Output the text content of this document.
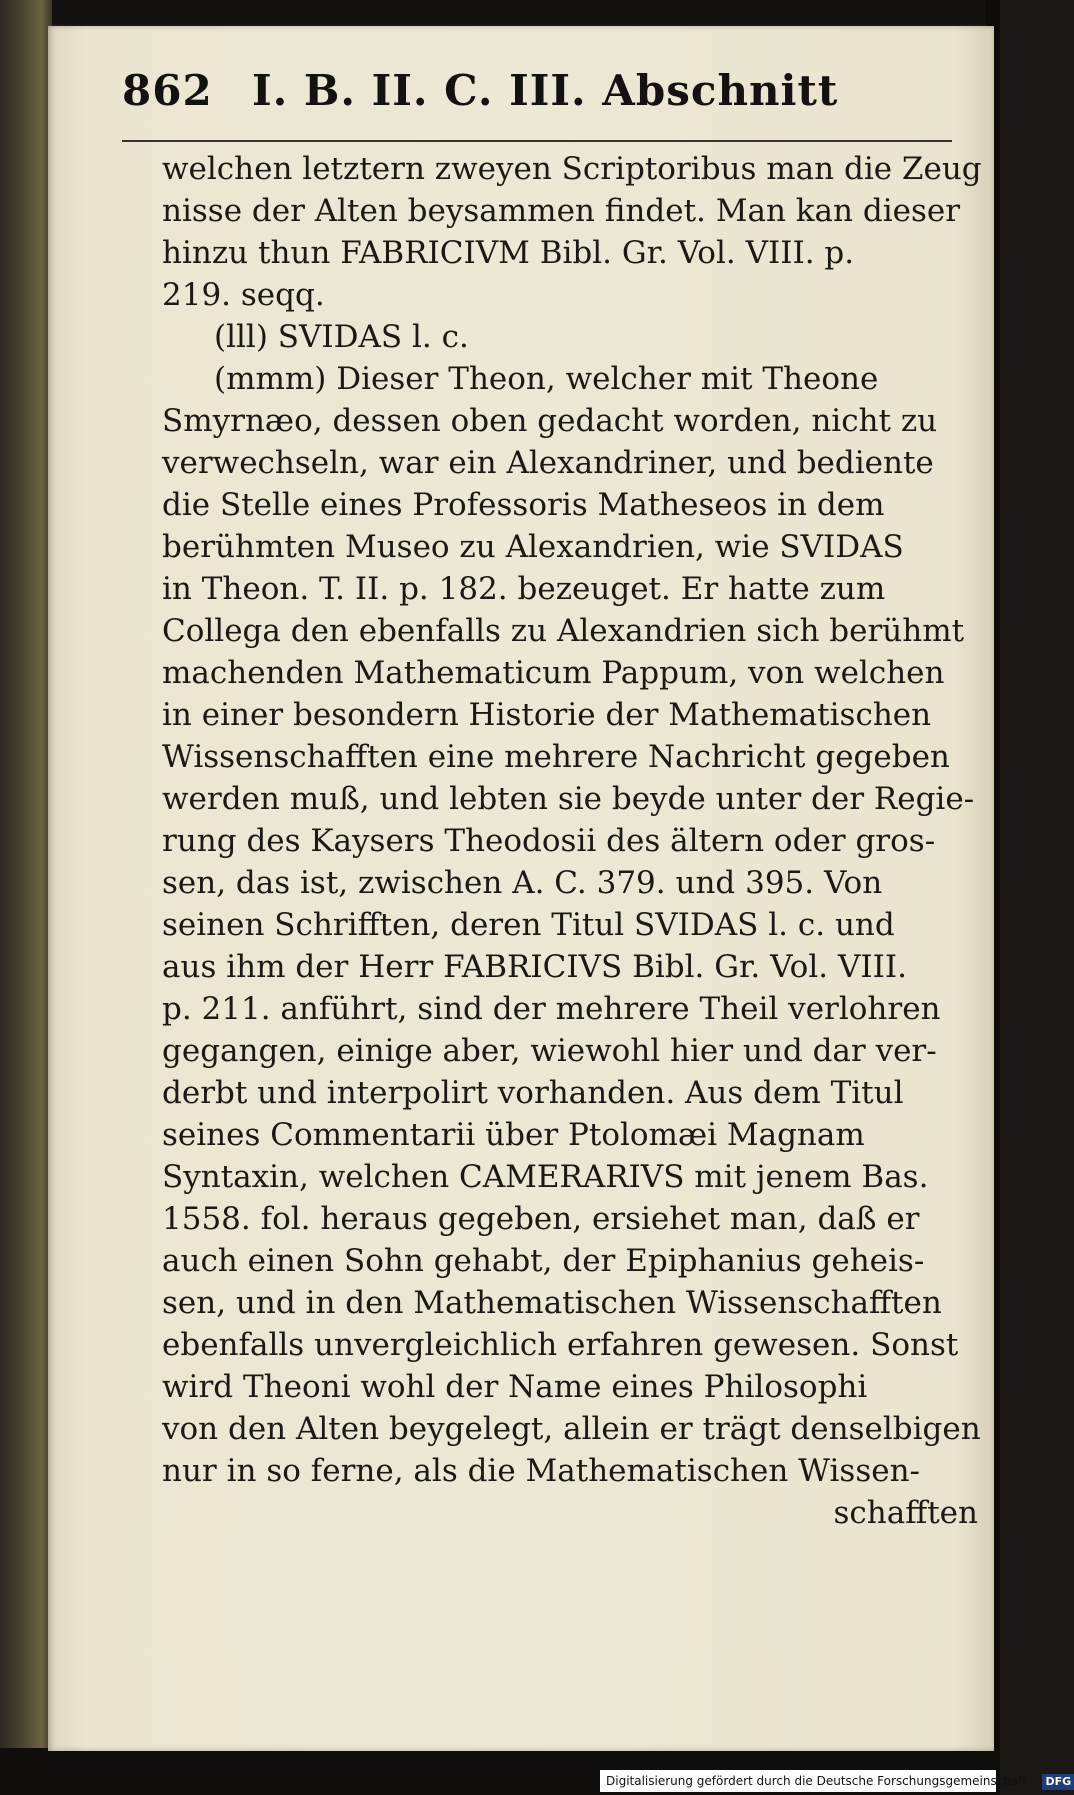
862 I. B. II. C. III. Abschnitt
welchen letztern zweyen Scriptoribus man die Zeug
nisse der Alten beysammen findet. Man kan dieser
hinzu thun FABRICIVM Bibl. Gr. Vol. VIII. p.
219. seqq.
(lll) SVIDAS l. c.
(mmm) Dieser Theon, welcher mit Theone
Smyrnæo, dessen oben gedacht worden, nicht zu
verwechseln, war ein Alexandriner, und bediente
die Stelle eines Professoris Matheseos in dem
berühmten Museo zu Alexandrien, wie SVIDAS
in Theon. T. II. p. 182. bezeuget. Er hatte zum
Collega den ebenfalls zu Alexandrien sich berühmt
machenden Mathematicum Pappum, von welchen
in einer besondern Historie der Mathematischen
Wissenschafften eine mehrere Nachricht gegeben
werden muß, und lebten sie beyde unter der Regie-
rung des Kaysers Theodosii des ältern oder gros-
sen, das ist, zwischen A. C. 379. und 395. Von
seinen Schrifften, deren Titul SVIDAS l. c. und
aus ihm der Herr FABRICIVS Bibl. Gr. Vol. VIII.
p. 211. anführt, sind der mehrere Theil verlohren
gegangen, einige aber, wiewohl hier und dar ver-
derbt und interpolirt vorhanden. Aus dem Titul
seines Commentarii über Ptolomæi Magnam
Syntaxin, welchen CAMERARIVS mit jenem Bas.
1558. fol. heraus gegeben, ersiehet man, daß er
auch einen Sohn gehabt, der Epiphanius geheis-
sen, und in den Mathematischen Wissenschafften
ebenfalls unvergleichlich erfahren gewesen. Sonst
wird Theoni wohl der Name eines Philosophi
von den Alten beygelegt, allein er trägt denselbigen
nur in so ferne, als die Mathematischen Wissen-
schafften
Digitalisierung gefördert durch die Deutsche Forschungsgemeinschaft · DFG
